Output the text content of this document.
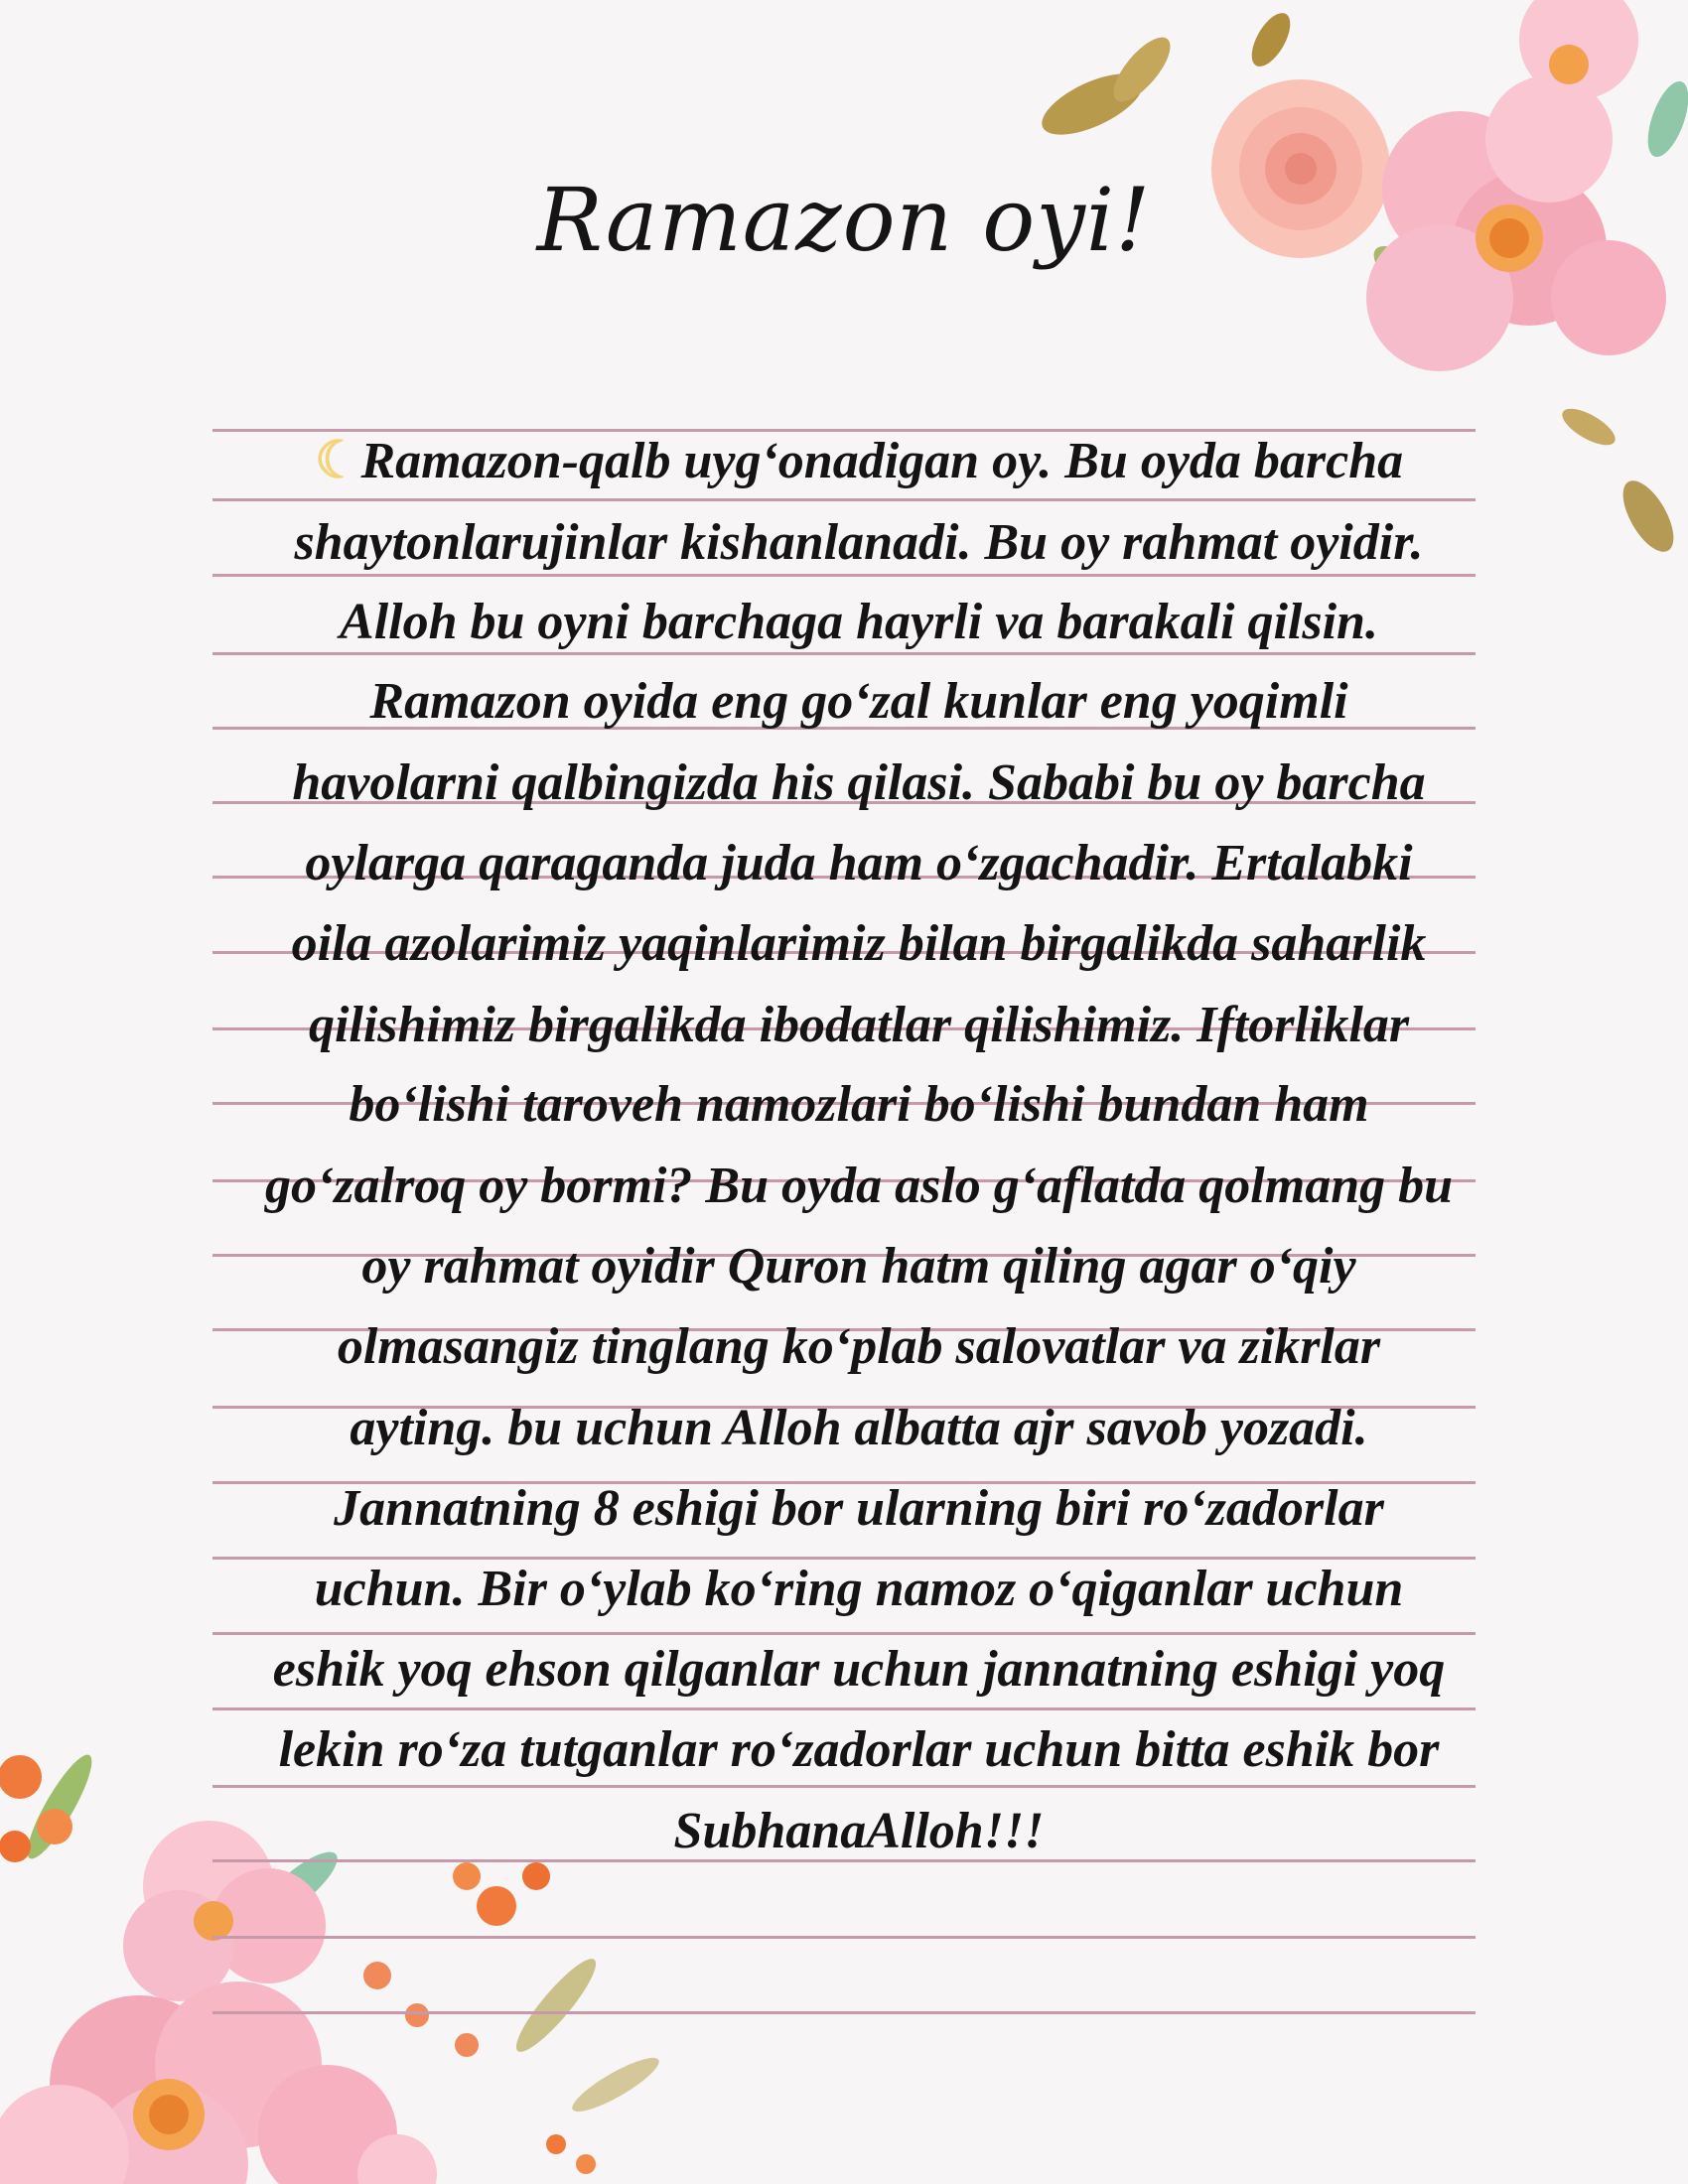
Ramazon oyi!
☾Ramazon-qalb uyg‘onadigan oy. Bu oyda barcha
shaytonlarujinlar kishanlanadi. Bu oy rahmat oyidir.
Alloh bu oyni barchaga hayrli va barakali qilsin.
Ramazon oyida eng go‘zal kunlar eng yoqimli
havolarni qalbingizda his qilasi. Sababi bu oy barcha
oylarga qaraganda juda ham o‘zgachadir. Ertalabki
oila azolarimiz yaqinlarimiz bilan birgalikda saharlik
qilishimiz birgalikda ibodatlar qilishimiz. Iftorliklar
bo‘lishi taroveh namozlari bo‘lishi bundan ham
go‘zalroq oy bormi? Bu oyda aslo g‘aflatda qolmang bu
oy rahmat oyidir Quron hatm qiling agar o‘qiy
olmasangiz tinglang ko‘plab salovatlar va zikrlar
ayting. bu uchun Alloh albatta ajr savob yozadi.
Jannatning 8 eshigi bor ularning biri ro‘zadorlar
uchun. Bir o‘ylab ko‘ring namoz o‘qiganlar uchun
eshik yoq ehson qilganlar uchun jannatning eshigi yoq
lekin ro‘za tutganlar ro‘zadorlar uchun bitta eshik bor
SubhanaAlloh!!!
